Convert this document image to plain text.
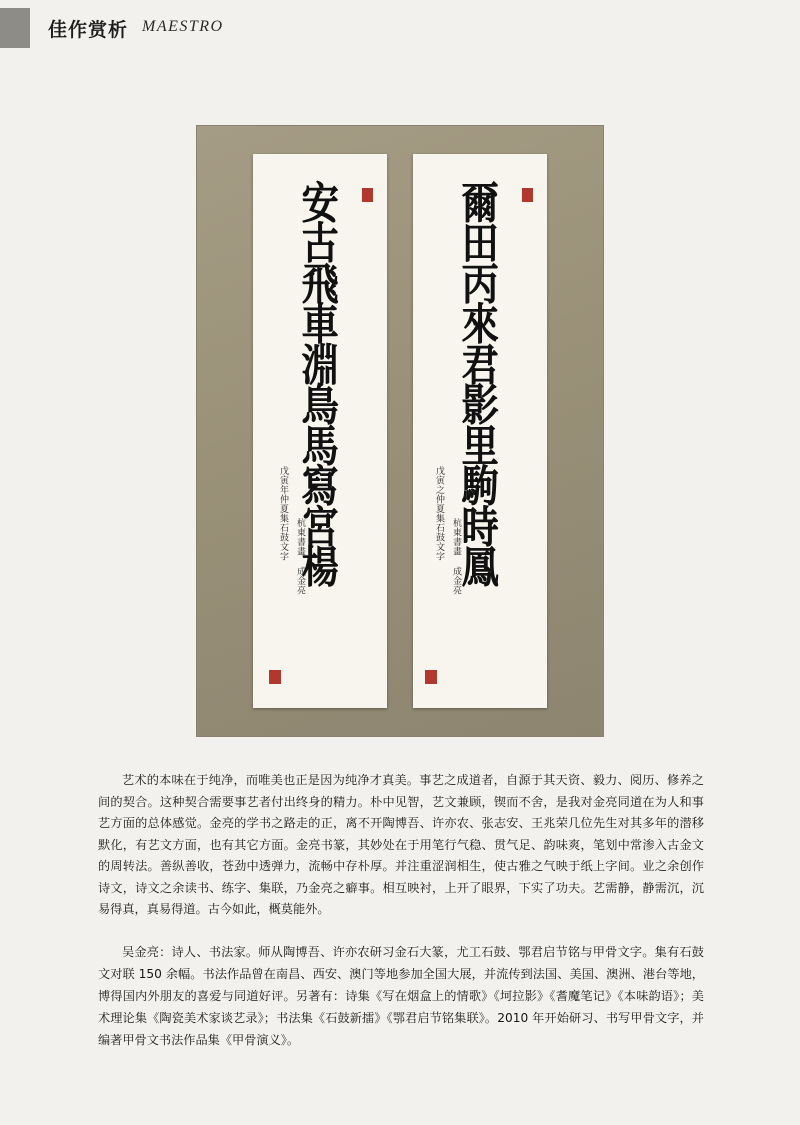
佳作赏析 MAESTRO
安
古
飛
車
淵
鳥
馬
寫
宮
楊
戊寅年仲夏集石鼓文字 杭東書畫 成金亮
爾
田
丙
來
君
影
里
駒
時
鳳
戊寅之仲夏集石鼓文字 杭東書畫 成金亮

艺术的本味在于纯净，而唯美也正是因为纯净才真美。事艺之成道者，自源于其天资、毅力、阅历、修养之间的契合。这种契合需要事艺者付出终身的精力。朴中见智，艺文兼顾，锲而不舍，是我对金亮同道在为人和事艺方面的总体感觉。金亮的学书之路走的正，离不开陶博吾、许亦农、张志安、王兆荣几位先生对其多年的潜移默化，有艺文方面，也有其它方面。金亮书篆，其妙处在于用笔行气稳、贯气足、韵味爽，笔划中常渗入古金文的周转法。善纵善收，苍劲中透弹力，流畅中存朴厚。并注重涩润相生，使古雅之气映于纸上字间。业之余创作诗文，诗文之余读书、练字、集联，乃金亮之癖事。相互映衬，上开了眼界，下实了功夫。艺需静，静需沉，沉易得真，真易得道。古今如此，概莫能外。

吴金亮：诗人、书法家。师从陶博吾、许亦农研习金石大篆，尤工石鼓、鄂君启节铭与甲骨文字。集有石鼓文对联 150 余幅。书法作品曾在南昌、西安、澳门等地参加全国大展，并流传到法国、美国、澳洲、港台等地，博得国内外朋友的喜爱与同道好评。另著有：诗集《写在烟盒上的情歌》《坷拉影》《耆魔笔记》《本味韵语》；美术理论集《陶瓷美术家谈艺录》；书法集《石鼓新擂》《鄂君启节铭集联》。2010 年开始研习、书写甲骨文字，并编著甲骨文书法作品集《甲骨演义》。
